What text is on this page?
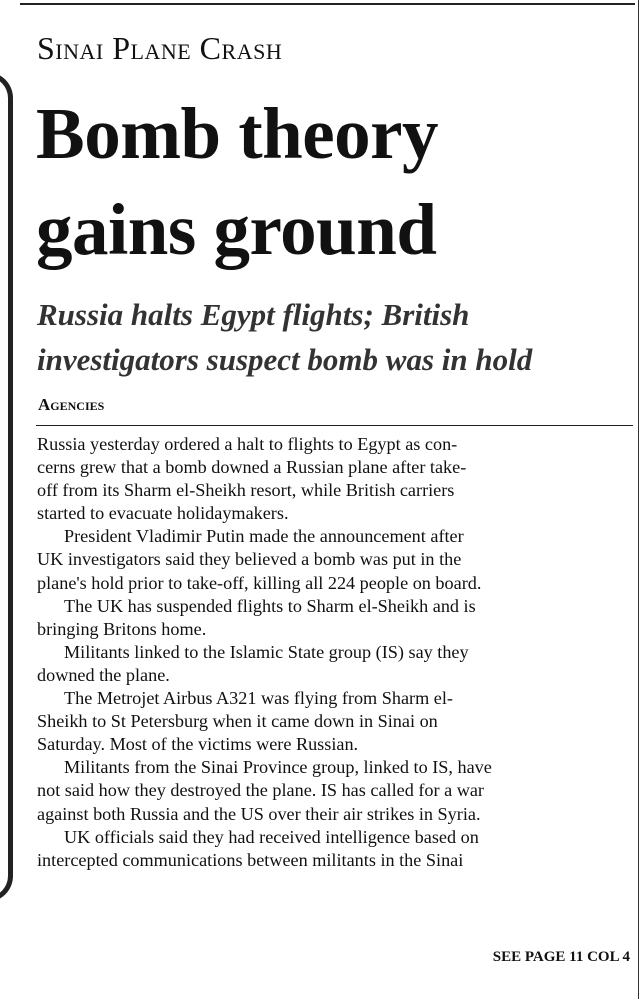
Sinai Plane Crash
Bomb theory
gains ground
Russia halts Egypt flights; British
investigators suspect bomb was in hold
Agencies

Russia yesterday ordered a halt to flights to Egypt as con-
cerns grew that a bomb downed a Russian plane after take-
off from its Sharm el-Sheikh resort, while British carriers
started to evacuate holidaymakers.

President Vladimir Putin made the announcement after
UK investigators said they believed a bomb was put in the
plane's hold prior to take-off, killing all 224 people on board.

The UK has suspended flights to Sharm el-Sheikh and is
bringing Britons home.

Militants linked to the Islamic State group (IS) say they
downed the plane.

The Metrojet Airbus A321 was flying from Sharm el-
Sheikh to St Petersburg when it came down in Sinai on
Saturday. Most of the victims were Russian.

Militants from the Sinai Province group, linked to IS, have
not said how they destroyed the plane. IS has called for a war
against both Russia and the US over their air strikes in Syria.

UK officials said they had received intelligence based on
intercepted communications between militants in the Sinai

SEE PAGE 11 COL 4
